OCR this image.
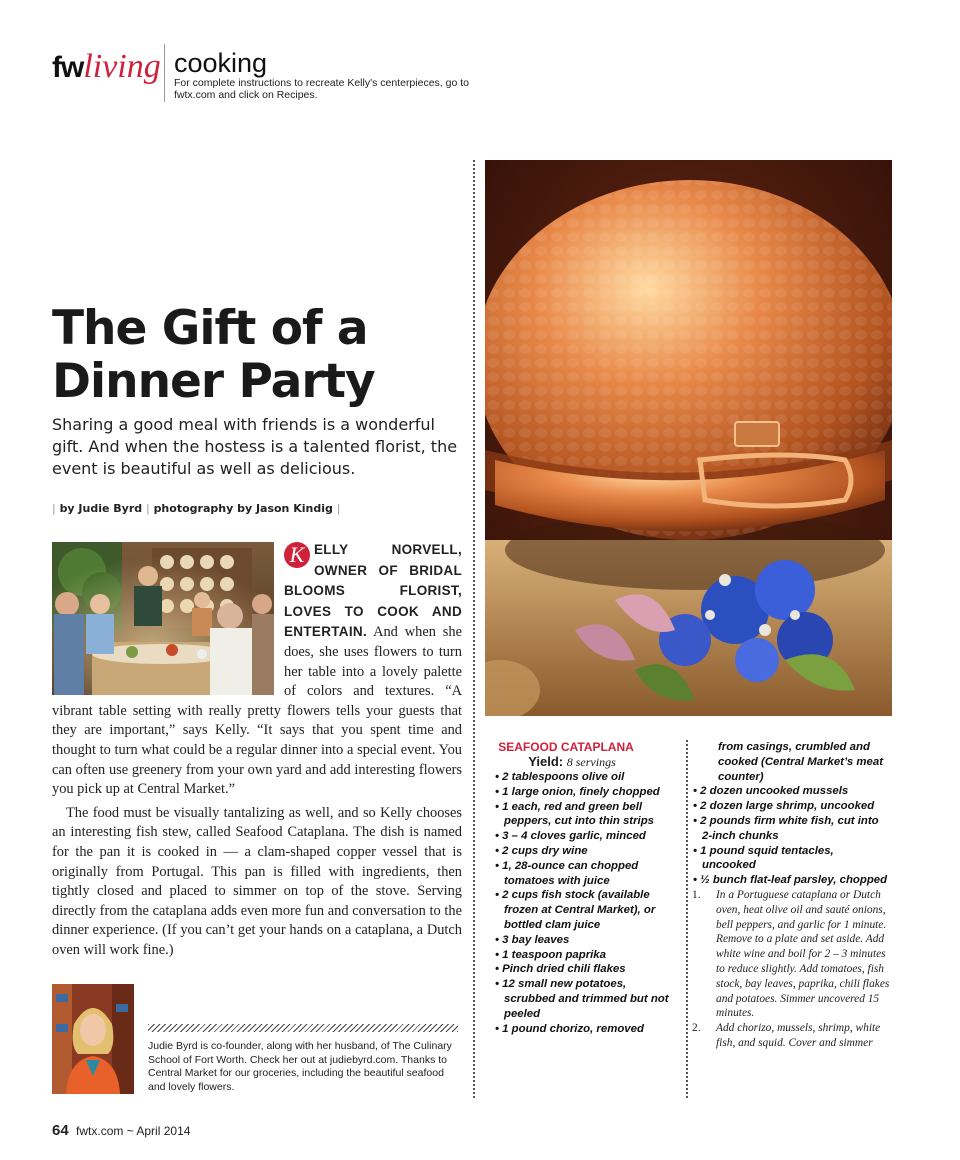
fwliving cooking
For complete instructions to recreate Kelly's centerpieces, go to fwtx.com and click on Recipes.
The Gift of a
Dinner Party
Sharing a good meal with friends is a wonderful gift. And when the hostess is a talented florist, the event is beautiful as well as delicious.
| by Judie Byrd | photography by Jason Kindig |

K ELLY NORVELL, OWNER OF BRIDAL BLOOMS FLORIST, LOVES TO COOK AND ENTERTAIN. And when she does, she uses flowers to turn her table into a lovely palette of colors and textures. “A vibrant table setting with really pretty flowers tells your guests that they are important,” says Kelly. “It says that you spent time and thought to turn what could be a regular dinner into a special event. You can often use greenery from your own yard and add interesting flowers you pick up at Central Market.”

The food must be visually tantalizing as well, and so Kelly chooses an interesting fish stew, called Seafood Cataplana. The dish is named for the pan it is cooked in — a clam-shaped copper vessel that is originally from Portugal. This pan is filled with ingredients, then tightly closed and placed to simmer on top of the stove. Serving directly from the cataplana adds even more fun and conversation to the dinner experience. (If you can’t get your hands on a cataplana, a Dutch oven will work fine.)

SEAFOOD CATAPLANA
Yield: 8 servings
• 2 tablespoons olive oil
• 1 large onion, finely chopped
• 1 each, red and green bell peppers, cut into thin strips
• 3 – 4 cloves garlic, minced
• 2 cups dry wine
• 1, 28-ounce can chopped tomatoes with juice
• 2 cups fish stock (available frozen at Central Market), or bottled clam juice
• 3 bay leaves
• 1 teaspoon paprika
• Pinch dried chili flakes
• 12 small new potatoes, scrubbed and trimmed but not peeled
• 1 pound chorizo, removed
from casings, crumbled and cooked (Central Market’s meat counter)
• 2 dozen uncooked mussels
• 2 dozen large shrimp, uncooked
• 2 pounds firm white fish, cut into 2-inch chunks
• 1 pound squid tentacles, uncooked
• ½ bunch flat-leaf parsley, chopped
1. In a Portuguese cataplana or Dutch oven, heat olive oil and sauté onions, bell peppers, and garlic for 1 minute. Remove to a plate and set aside. Add white wine and boil for 2 – 3 minutes to reduce slightly. Add tomatoes, fish stock, bay leaves, paprika, chili flakes and potatoes. Simmer uncovered 15 minutes.
2. Add chorizo, mussels, shrimp, white fish, and squid. Cover and simmer
Judie Byrd is co-founder, along with her husband, of The Culinary School of Fort Worth. Check her out at judiebyrd.com. Thanks to Central Market for our groceries, including the beautiful seafood and lovely flowers.
64 fwtx.com ~ April 2014
